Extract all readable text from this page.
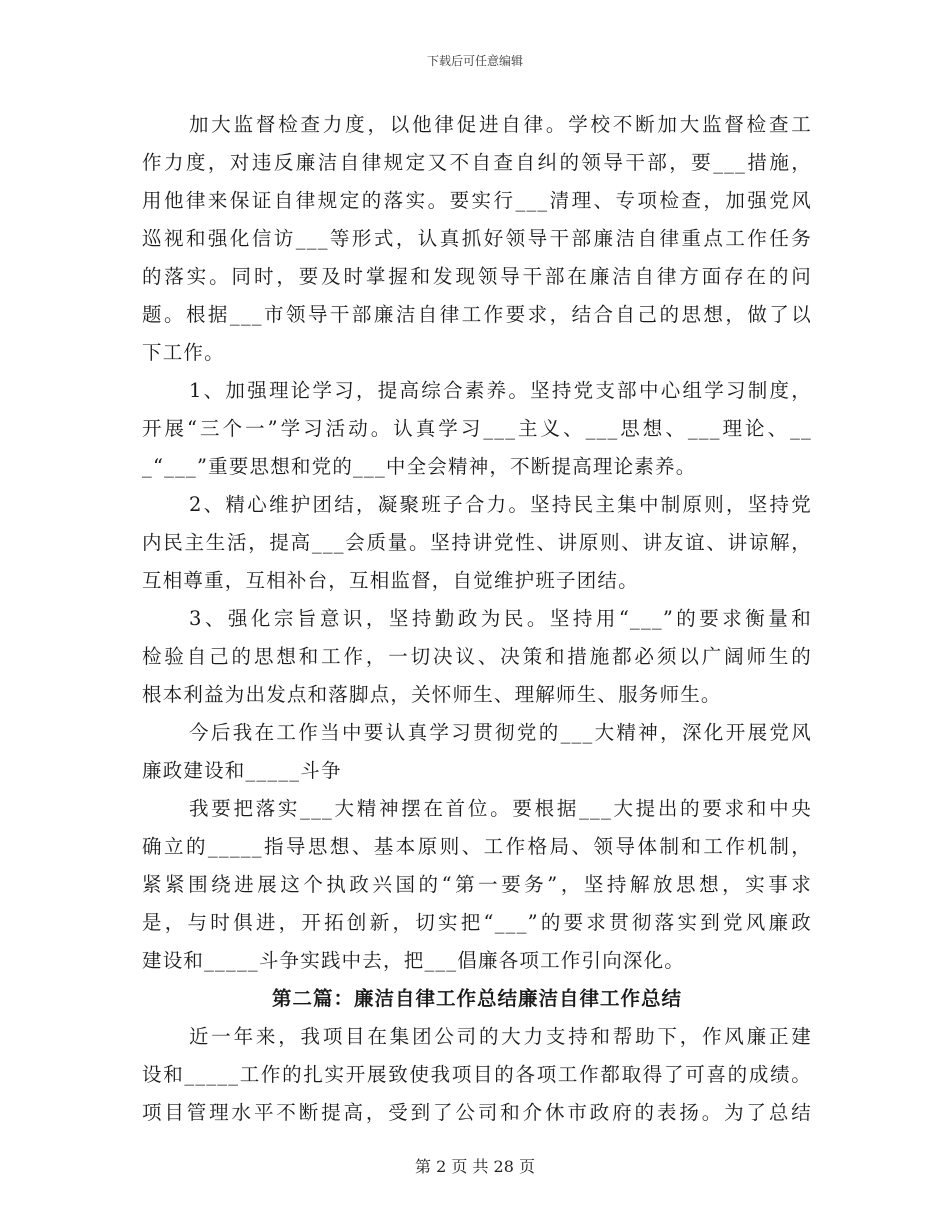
下载后可任意编辑
加大监督检查力度，以他律促进自律。学校不断加大监督检查工
作力度，对违反廉洁自律规定又不自查自纠的领导干部，要___措施，
用他律来保证自律规定的落实。要实行___清理、专项检查，加强党风
巡视和强化信访___等形式，认真抓好领导干部廉洁自律重点工作任务
的落实。同时，要及时掌握和发现领导干部在廉洁自律方面存在的问
题。根据___市领导干部廉洁自律工作要求，结合自己的思想，做了以
下工作。
1、加强理论学习，提高综合素养。坚持党支部中心组学习制度，
开展“三个一”学习活动。认真学习___主义、___思想、___理论、__
_“___”重要思想和党的___中全会精神，不断提高理论素养。
2、精心维护团结，凝聚班子合力。坚持民主集中制原则，坚持党
内民主生活，提高___会质量。坚持讲党性、讲原则、讲友谊、讲谅解，
互相尊重，互相补台，互相监督，自觉维护班子团结。
3、强化宗旨意识，坚持勤政为民。坚持用“___”的要求衡量和
检验自己的思想和工作，一切决议、决策和措施都必须以广阔师生的
根本利益为出发点和落脚点，关怀师生、理解师生、服务师生。
今后我在工作当中要认真学习贯彻党的___大精神，深化开展党风
廉政建设和_____斗争
我要把落实___大精神摆在首位。要根据___大提出的要求和中央
确立的_____指导思想、基本原则、工作格局、领导体制和工作机制，
紧紧围绕进展这个执政兴国的“第一要务”，坚持解放思想，实事求
是，与时俱进，开拓创新，切实把“___”的要求贯彻落实到党风廉政
建设和_____斗争实践中去，把___倡廉各项工作引向深化。
第二篇：廉洁自律工作总结廉洁自律工作总结
近一年来，我项目在集团公司的大力支持和帮助下，作风廉正建
设和_____工作的扎实开展致使我项目的各项工作都取得了可喜的成绩。
项目管理水平不断提高，受到了公司和介休市政府的表扬。为了总结
第 2 页 共 28 页
